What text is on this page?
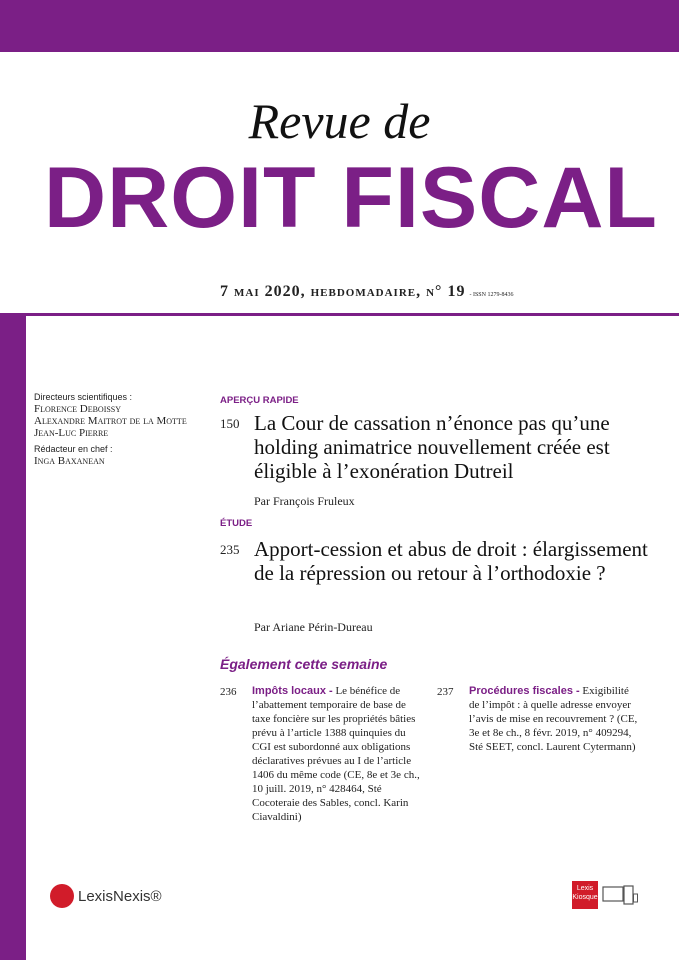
Revue de
DROIT FISCAL
7 mai 2020, hebdomadaire, n° 19 - ISSN 1279-8436
Directeurs scientifiques :
Florence Deboissy
Alexandre Maitrot de la Motte
Jean-Luc Pierre
Rédacteur en chef :
Inga Baxanean
APERÇU RAPIDE
150 La Cour de cassation n’énonce pas qu’une holding animatrice nouvellement créée est éligible à l’exonération Dutreil
Par François Fruleux
ÉTUDE
235 Apport-cession et abus de droit : élargissement de la répression ou retour à l’orthodoxie ?
Par Ariane Périn-Dureau
Également cette semaine
236 Impôts locaux - Le bénéfice de l’abattement temporaire de base de taxe foncière sur les propriétés bâties prévu à l’article 1388 quinquies du CGI est subordonné aux obligations déclaratives prévues au I de l’article 1406 du même code (CE, 8e et 3e ch., 10 juill. 2019, n° 428464, Sté Cocoteraie des Sables, concl. Karin Ciavaldini)
237 Procédures fiscales - Exigibilité de l’impôt : à quelle adresse envoyer l’avis de mise en recouvrement ? (CE, 3e et 8e ch., 8 févr. 2019, n° 409294, Sté SEET, concl. Laurent Cytermann)
LexisNexis®	Lexis Kiosque
